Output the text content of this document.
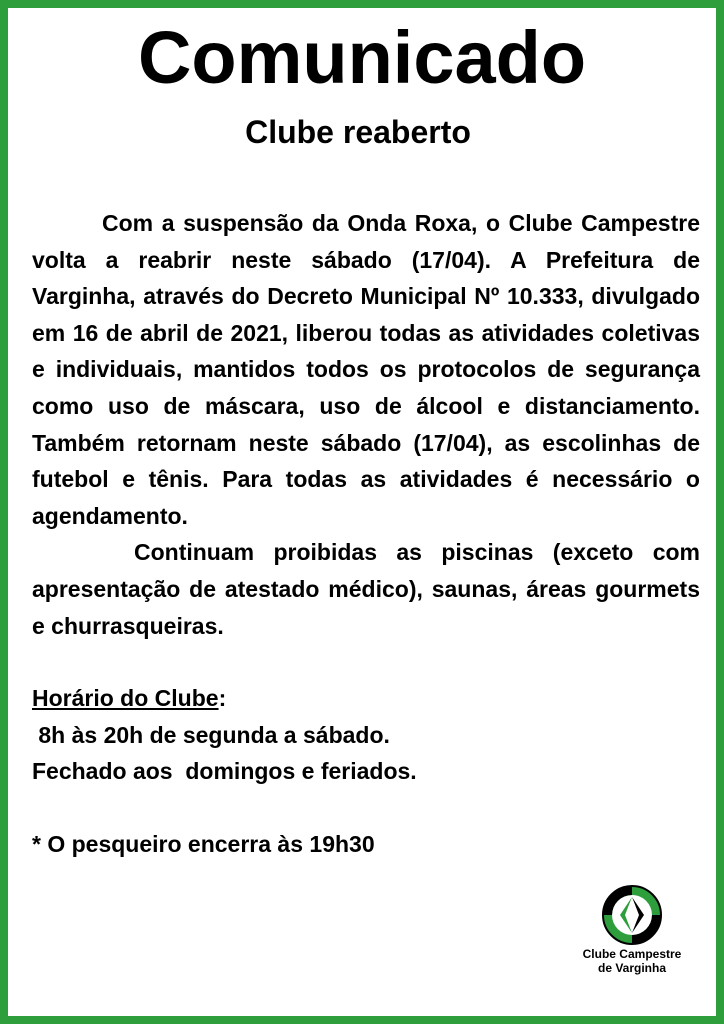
Comunicado
Clube reaberto

Com a suspensão da Onda Roxa, o Clube Campestre volta a reabrir neste sábado (17/04). A Prefeitura de Varginha, através do Decreto Municipal Nº 10.333, divulgado em 16 de abril de 2021, liberou todas as atividades coletivas e individuais, mantidos todos os protocolos de segurança como uso de máscara, uso de álcool e distanciamento. Também retornam neste sábado (17/04), as escolinhas de futebol e tênis. Para todas as atividades é necessário o agendamento.

Continuam proibidas as piscinas (exceto com apresentação de atestado médico), saunas, áreas gourmets e churrasqueiras.

Horário do Clube:

8h às 20h de segunda a sábado.

Fechado aos  domingos e feriados.

* O pesqueiro encerra às 19h30

Clube Campestre
de Varginha
